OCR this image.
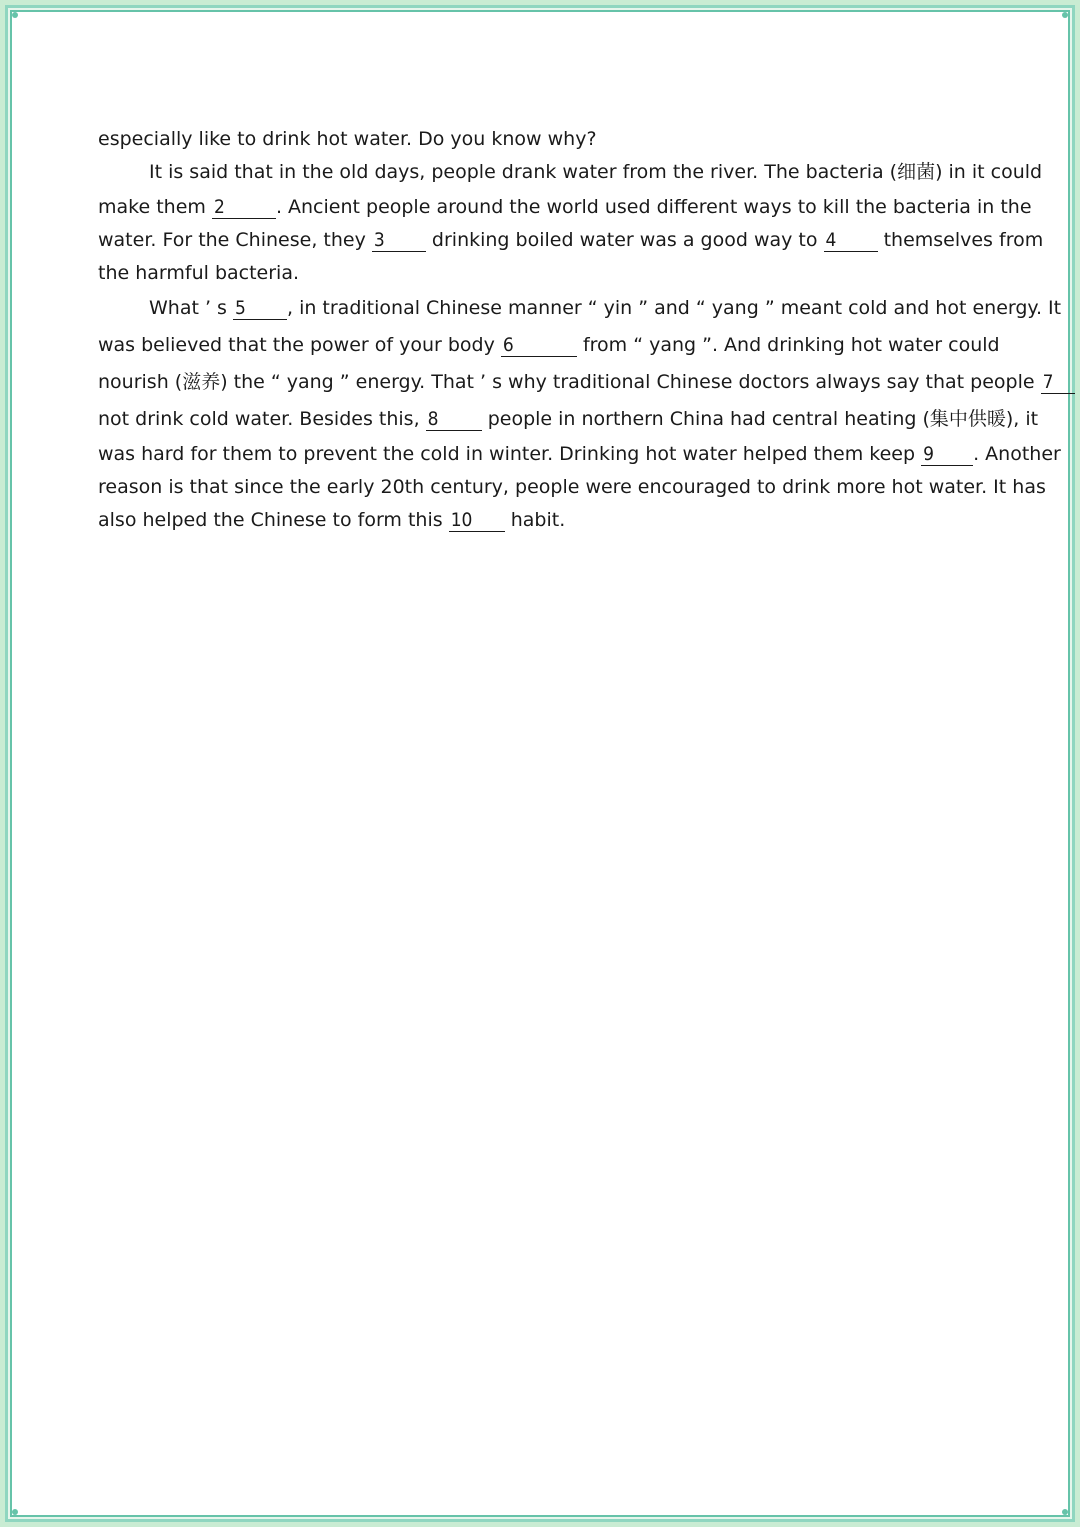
especially like to drink hot water. Do you know why?
It is said that in the old days, people drank water from the river. The bacteria (细菌) in it could
make them 2	. Ancient people around the world used different ways to kill the bacteria in the
water. For the Chinese, they 3 drinking boiled water was a good way to 4 themselves from
the harmful bacteria.
What ’ s 5 , in traditional Chinese manner “ yin ” and “ yang ” meant cold and hot energy. It
was believed that the power of your body 6	from “ yang ”. And drinking hot water could
nourish (滋养) the “ yang ” energy. That ’ s why traditional Chinese doctors always say that people 7
not drink cold water. Besides this, 8 people in northern China had central heating (集中供暖), it
was hard for them to prevent the cold in winter. Drinking hot water helped them keep 9 . Another
reason is that since the early 20th century, people were encouraged to drink more hot water. It has
also helped the Chinese to form this 10 habit.
